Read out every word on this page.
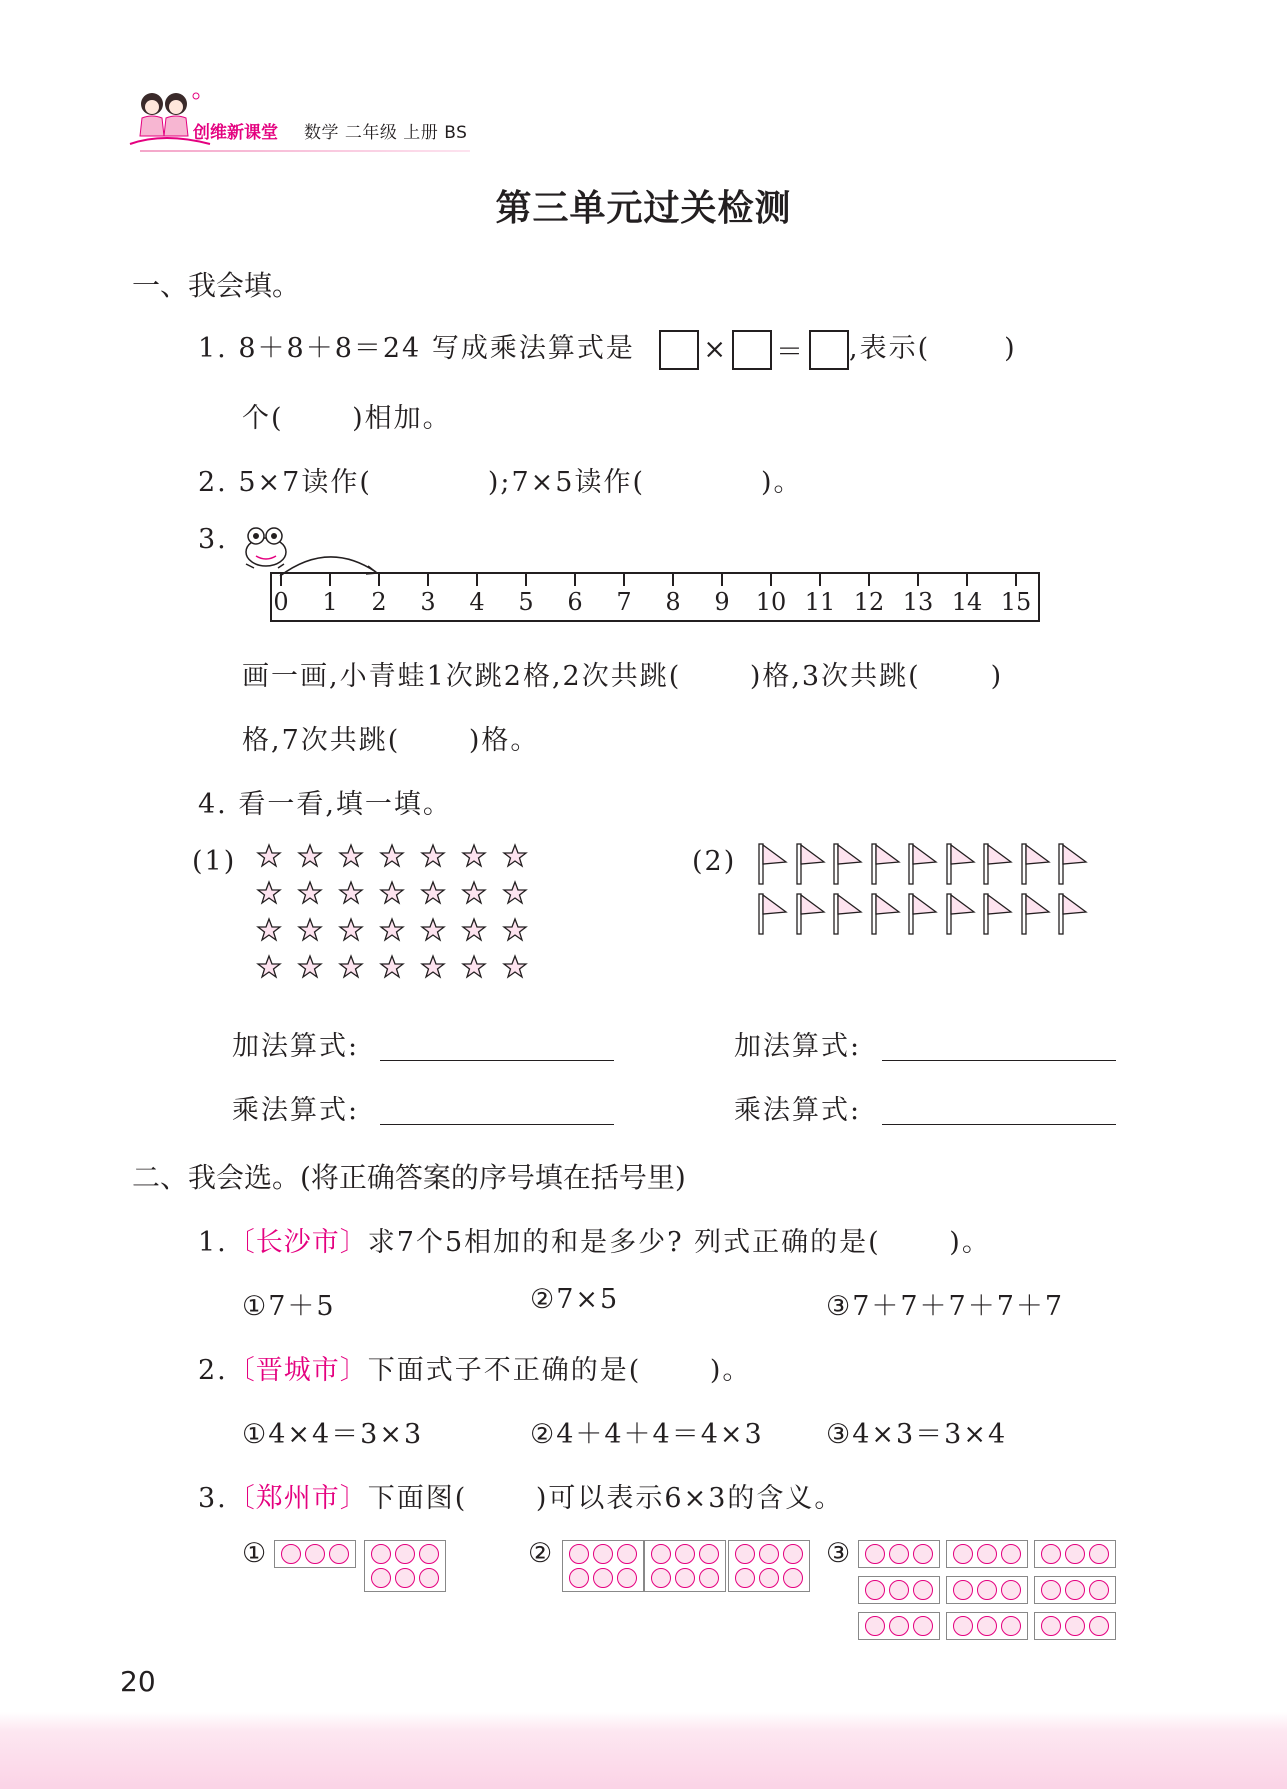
创维新课堂 数学 二年级 上册 BS
第三单元过关检测
一、我会填。
1. 8＋8＋8＝24 写成乘法算式是	× ＝ ,表示(	)
个(　　 )相加。
2. 5×7读作(　　　　);7×5读作(　　　　)。
3.
0	1	2	3	4	5	6	7	8	9	10 11 12 13 14 15
画一画,小青蛙1次跳2格,2次共跳(　　 )格,3次共跳(	)
格,7次共跳(　　 )格。
4. 看一看,填一填。
(1)	(2)
加法算式:
乘法算式:
加法算式:
乘法算式:
二、我会选。(将正确答案的序号填在括号里)
1.〔长沙市〕求7个5相加的和是多少? 列式正确的是(　　 )。
①7＋5	②7×5	③7＋7＋7＋7＋7
2.〔晋城市〕下面式子不正确的是(　　 )。
①4×4＝3×3	②4＋4＋4＝4×3 ③4×3＝3×4
3.〔郑州市〕下面图(　　 )可以表示6×3的含义。
①	②	③
20
